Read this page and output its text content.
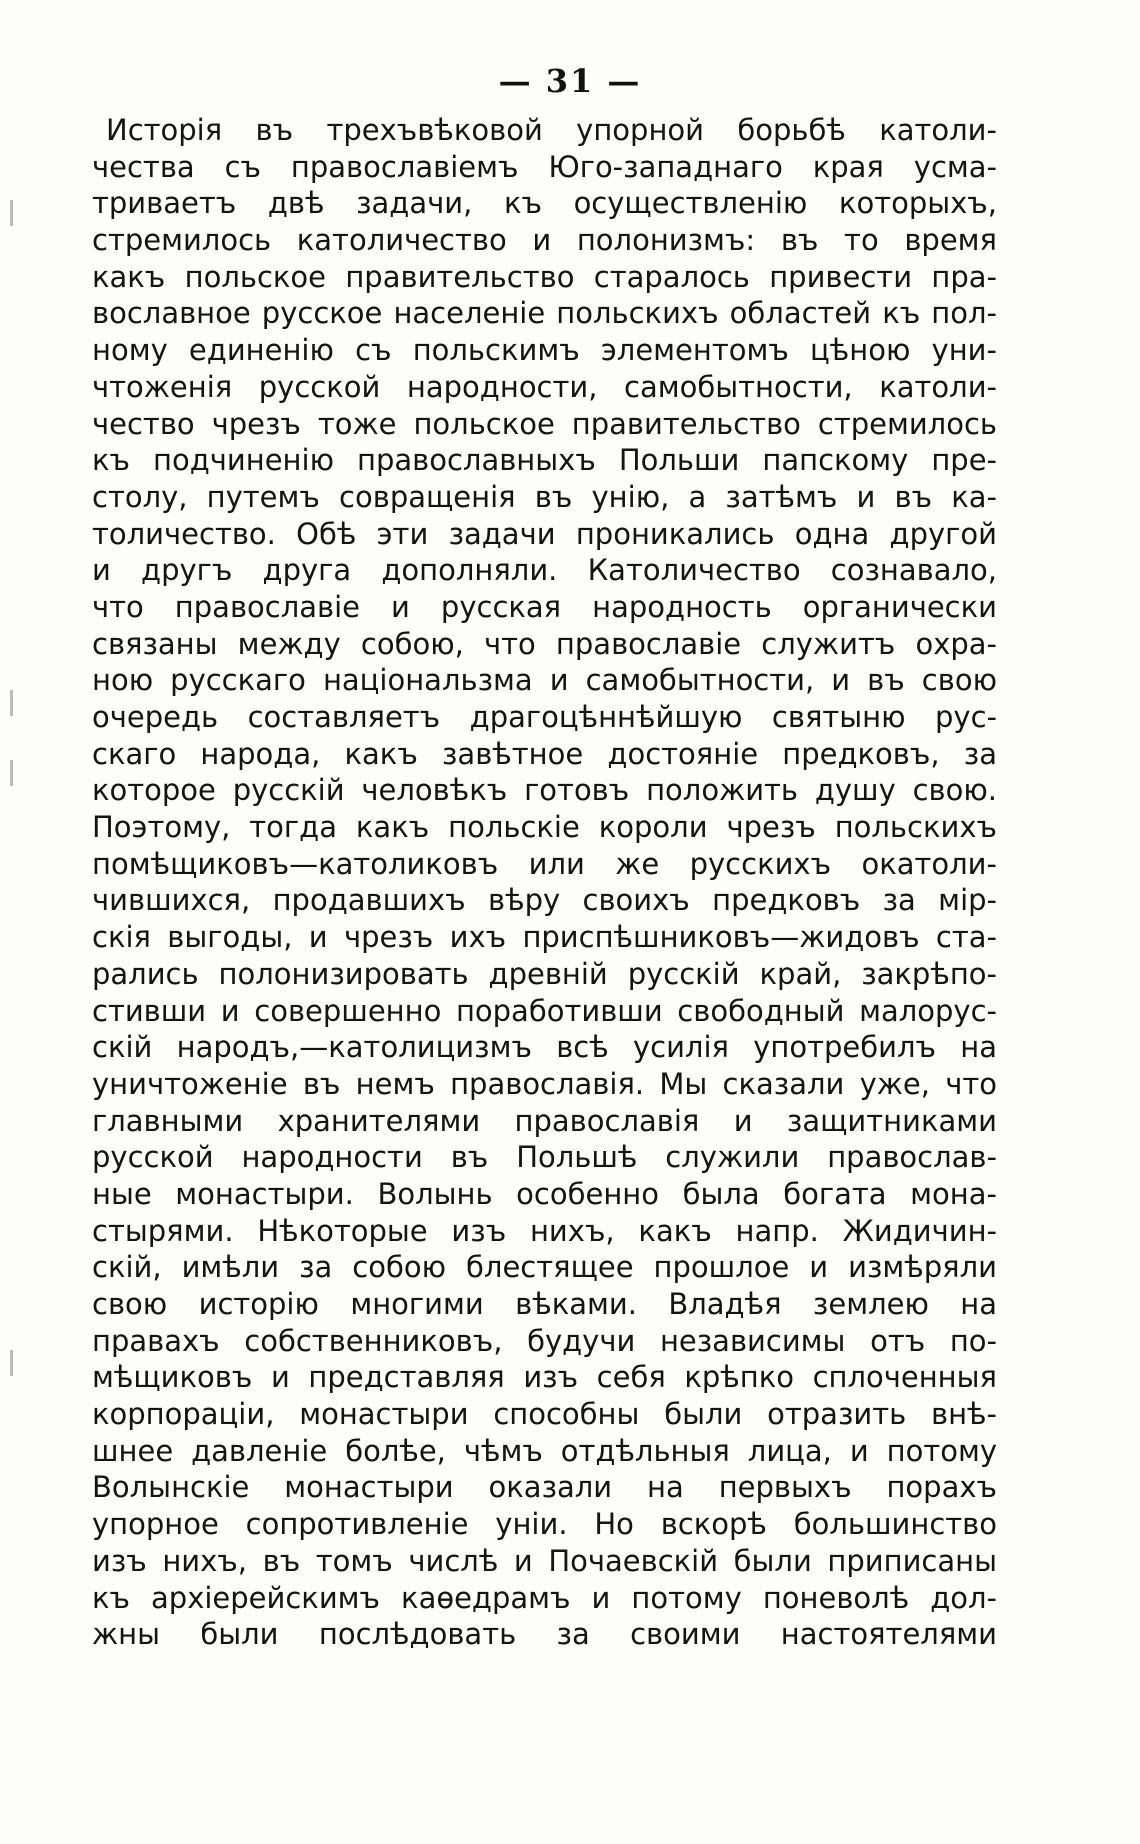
— 31 —
Исторія въ трехъвѣковой упорной борьбѣ католи-
чества съ православіемъ Юго-западнаго края усма-
триваетъ двѣ задачи, къ осуществленію которыхъ,
стремилось католичество и полонизмъ: въ то время
какъ польское правительство старалось привести пра-
вославное русское населеніе польскихъ областей къ пол-
ному единенію съ польскимъ элементомъ цѣною уни-
чтоженія русской народности, самобытности, католи-
чество чрезъ тоже польское правительство стремилось
къ подчиненію православныхъ Польши папскому пре-
столу, путемъ совращенія въ унію, а затѣмъ и въ ка-
толичество. Обѣ эти задачи проникались одна другой
и другъ друга дополняли. Католичество сознавало,
что православіе и русская народность органически
связаны между собою, что православіе служитъ охра-
ною русскаго національзма и самобытности, и въ свою
очередь составляетъ драгоцѣннѣйшую святыню рус-
скаго народа, какъ завѣтное достояніе предковъ, за
которое русскій человѣкъ готовъ положить душу свою.
Поэтому, тогда какъ польскіе короли чрезъ польскихъ
помѣщиковъ—католиковъ или же русскихъ окатоли-
чившихся, продавшихъ вѣру своихъ предковъ за мір-
скія выгоды, и чрезъ ихъ приспѣшниковъ—жидовъ ста-
рались полонизировать древній русскій край, закрѣпо-
стивши и совершенно поработивши свободный малорус-
скій народъ,—католицизмъ всѣ усилія употребилъ на
уничтоженіе въ немъ православія. Мы сказали уже, что
главными хранителями православія и защитниками
русской народности въ Польшѣ служили православ-
ные монастыри. Волынь особенно была богата мона-
стырями. Нѣкоторые изъ нихъ, какъ напр. Жидичин-
скій, имѣли за собою блестящее прошлое и измѣряли
свою исторію многими вѣками. Владѣя землею на
правахъ собственниковъ, будучи независимы отъ по-
мѣщиковъ и представляя изъ себя крѣпко сплоченныя
корпораціи, монастыри способны были отразить внѣ-
шнее давленіе болѣе, чѣмъ отдѣльныя лица, и потому
Волынскіе монастыри оказали на первыхъ порахъ
упорное сопротивленіе уніи. Но вскорѣ большинство
изъ нихъ, въ томъ числѣ и Почаевскій были приписаны
къ архіерейскимъ каѳедрамъ и потому поневолѣ дол-
жны были послѣдовать за своими настоятелями
